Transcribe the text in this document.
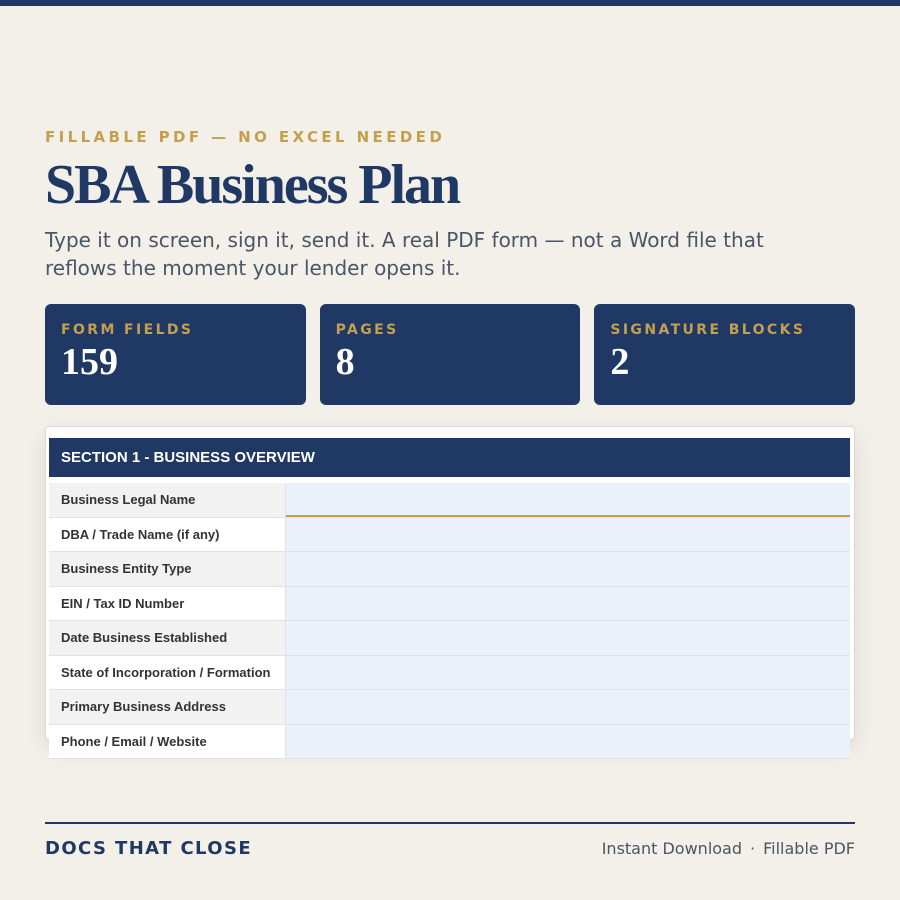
FILLABLE PDF — NO EXCEL NEEDED
SBA Business Plan
Type it on screen, sign it, send it. A real PDF form — not a Word file that reflows the moment your lender opens it.
FORM FIELDS
159
PAGES
8
SIGNATURE BLOCKS
2
SECTION 1 - BUSINESS OVERVIEW
Business Legal Name
DBA / Trade Name (if any)
Business Entity Type
EIN / Tax ID Number
Date Business Established
State of Incorporation / Formation
Primary Business Address
Phone / Email / Website
DOCS THAT CLOSE	Instant Download · Fillable PDF
